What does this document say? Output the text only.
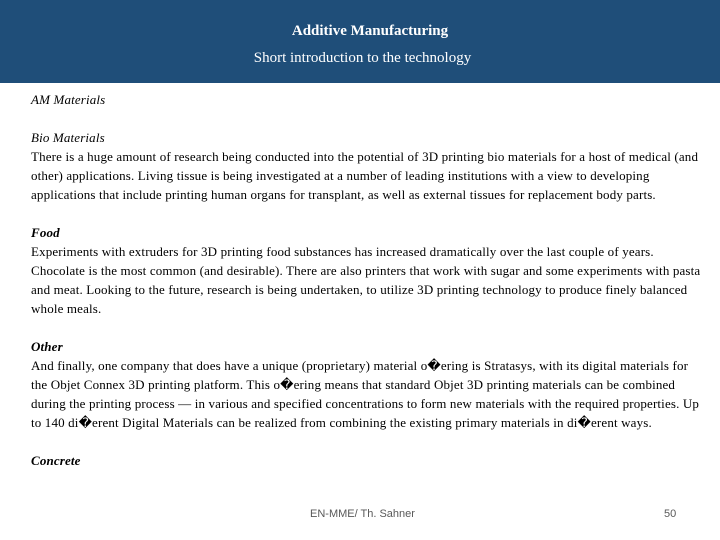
Additive Manufacturing
Short introduction to the technology

AM Materials

Bio Materials

There is a huge amount of research being conducted into the potential of 3D printing bio materials for a host of medical (and other) applications. Living tissue is being investigated at a number of leading institutions with a view to developing applications that include printing human organs for transplant, as well as external tissues for replacement body parts.

Food

Experiments with extruders for 3D printing food substances has increased dramatically over the last couple of years. Chocolate is the most common (and desirable). There are also printers that work with sugar and some experiments with pasta and meat. Looking to the future, research is being undertaken, to utilize 3D printing technology to produce finely balanced whole meals.

Other

And finally, one company that does have a unique (proprietary) material o�ering is Stratasys, with its digital materials for the Objet Connex 3D printing platform. This o�ering means that standard Objet 3D printing materials can be combined during the printing process — in various and specified concentrations to form new materials with the required properties. Up to 140 di�erent Digital Materials can be realized from combining the existing primary materials in di�erent ways.

Concrete

EN-MME/ Th. Sahner	50
